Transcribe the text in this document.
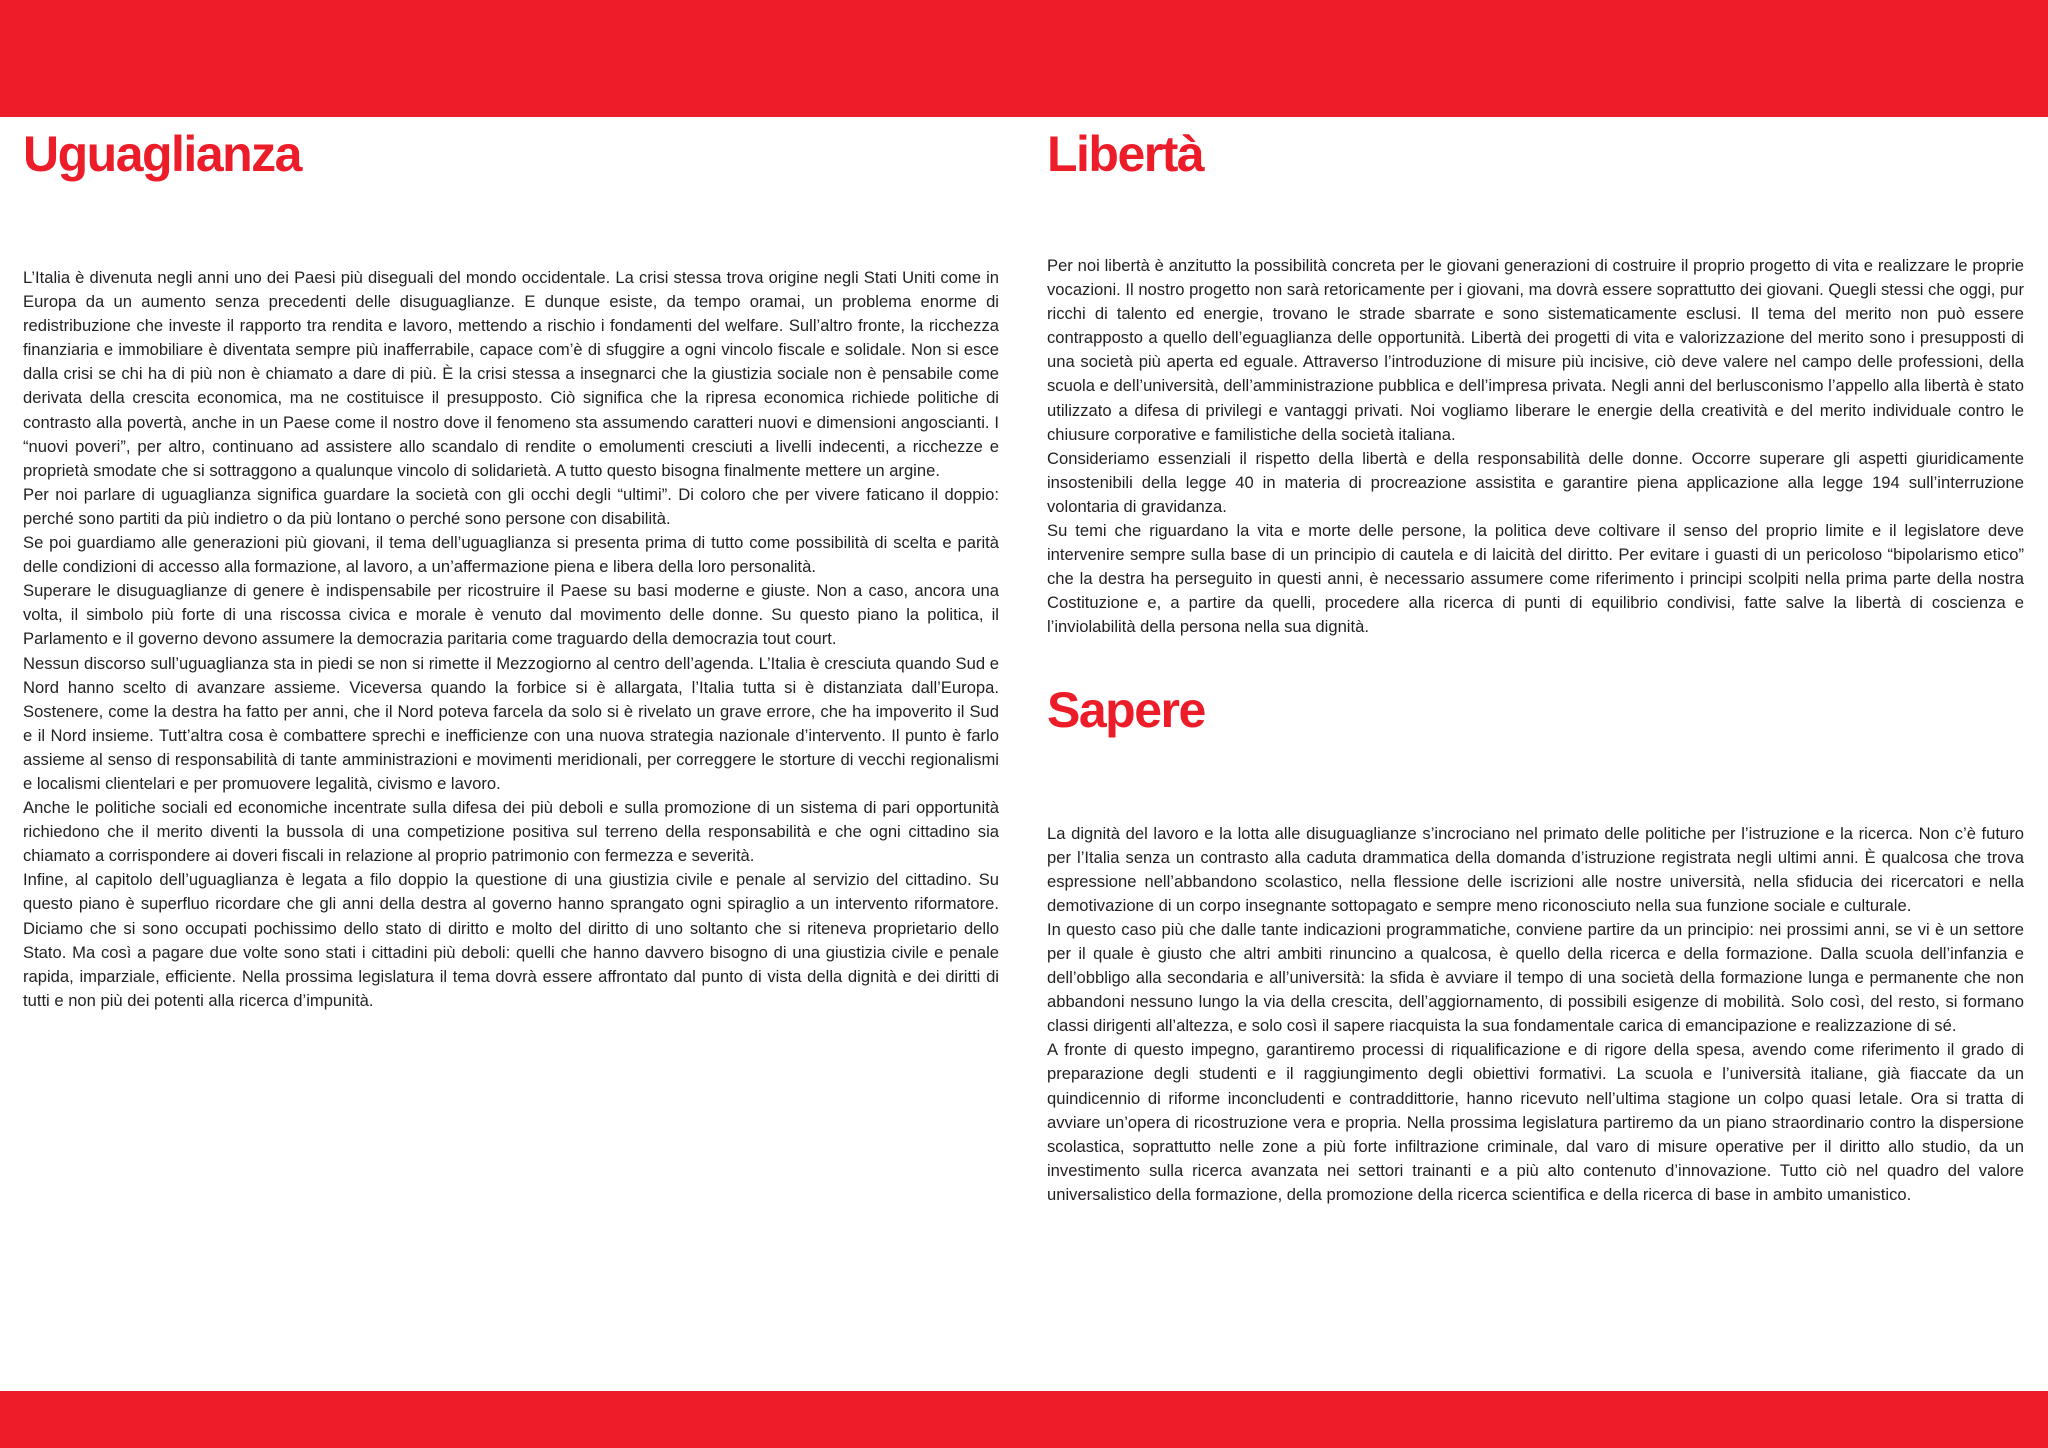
Uguaglianza

L’Italia è divenuta negli anni uno dei Paesi più diseguali del mondo occidentale. La crisi stessa trova origine negli Stati Uniti come in Europa da un aumento senza precedenti delle disuguaglianze. E dunque esiste, da tempo oramai, un problema enorme di redistribuzione che investe il rapporto tra rendita e lavoro, mettendo a rischio i fondamenti del welfare. Sull’altro fronte, la ricchezza finanziaria e immobiliare è diventata sempre più inafferrabile, capace com’è di sfuggire a ogni vincolo fiscale e solidale. Non si esce dalla crisi se chi ha di più non è chiamato a dare di più. È la crisi stessa a insegnarci che la giustizia sociale non è pensabile come derivata della crescita economica, ma ne costituisce il presupposto. Ciò significa che la ripresa economica richiede politiche di contrasto alla povertà, anche in un Paese come il nostro dove il fenomeno sta assumendo caratteri nuovi e dimensioni angoscianti. I “nuovi poveri”, per altro, continuano ad assistere allo scandalo di rendite o emolumenti cresciuti a livelli indecenti, a ricchezze e proprietà smodate che si sottraggono a qualunque vincolo di solidarietà. A tutto questo bisogna finalmente mettere un argine.

Per noi parlare di uguaglianza significa guardare la società con gli occhi degli “ultimi”. Di coloro che per vivere faticano il doppio: perché sono partiti da più indietro o da più lontano o perché sono persone con disabilità.

Se poi guardiamo alle generazioni più giovani, il tema dell’uguaglianza si presenta prima di tutto come possibilità di scelta e parità delle condizioni di accesso alla formazione, al lavoro, a un’affermazione piena e libera della loro personalità.

Superare le disuguaglianze di genere è indispensabile per ricostruire il Paese su basi moderne e giuste. Non a caso, ancora una volta, il simbolo più forte di una riscossa civica e morale è venuto dal movimento delle donne. Su questo piano la politica, il Parlamento e il governo devono assumere la democrazia paritaria come traguardo della democrazia tout court.

Nessun discorso sull’uguaglianza sta in piedi se non si rimette il Mezzogiorno al centro dell’agenda. L’Italia è cresciuta quando Sud e Nord hanno scelto di avanzare assieme. Viceversa quando la forbice si è allargata, l’Italia tutta si è distanziata dall’Europa. Sostenere, come la destra ha fatto per anni, che il Nord poteva farcela da solo si è rivelato un grave errore, che ha impoverito il Sud e il Nord insieme. Tutt’altra cosa è combattere sprechi e inefficienze con una nuova strategia nazionale d’intervento. Il punto è farlo assieme al senso di responsabilità di tante amministrazioni e movimenti meridionali, per correggere le storture di vecchi regionalismi e localismi clientelari e per promuovere legalità, civismo e lavoro.

Anche le politiche sociali ed economiche incentrate sulla difesa dei più deboli e sulla promozione di un sistema di pari opportunità richiedono che il merito diventi la bussola di una competizione positiva sul terreno della responsabilità e che ogni cittadino sia chiamato a corrispondere ai doveri fiscali in relazione al proprio patrimonio con fermezza e severità.

Infine, al capitolo dell’uguaglianza è legata a filo doppio la questione di una giustizia civile e penale al servizio del cittadino. Su questo piano è superfluo ricordare che gli anni della destra al governo hanno sprangato ogni spiraglio a un intervento riformatore. Diciamo che si sono occupati pochissimo dello stato di diritto e molto del diritto di uno soltanto che si riteneva proprietario dello Stato. Ma così a pagare due volte sono stati i cittadini più deboli: quelli che hanno davvero bisogno di una giustizia civile e penale rapida, imparziale, efficiente. Nella prossima legislatura il tema dovrà essere affrontato dal punto di vista della dignità e dei diritti di tutti e non più dei potenti alla ricerca d’impunità.

Libertà

Per noi libertà è anzitutto la possibilità concreta per le giovani generazioni di costruire il proprio progetto di vita e realizzare le proprie vocazioni. Il nostro progetto non sarà retoricamente per i giovani, ma dovrà essere soprattutto dei giovani. Quegli stessi che oggi, pur ricchi di talento ed energie, trovano le strade sbarrate e sono sistematicamente esclusi. Il tema del merito non può essere contrapposto a quello dell’eguaglianza delle opportunità. Libertà dei progetti di vita e valorizzazione del merito sono i presupposti di una società più aperta ed eguale. Attraverso l’introduzione di misure più incisive, ciò deve valere nel campo delle professioni, della scuola e dell’università, dell’amministrazione pubblica e dell’impresa privata. Negli anni del berlusconismo l’appello alla libertà è stato utilizzato a difesa di privilegi e vantaggi privati. Noi vogliamo liberare le energie della creatività e del merito individuale contro le chiusure corporative e familistiche della società italiana.

Consideriamo essenziali il rispetto della libertà e della responsabilità delle donne. Occorre superare gli aspetti giuridicamente insostenibili della legge 40 in materia di procreazione assistita e garantire piena applicazione alla legge 194 sull’interruzione volontaria di gravidanza.

Su temi che riguardano la vita e morte delle persone, la politica deve coltivare il senso del proprio limite e il legislatore deve intervenire sempre sulla base di un principio di cautela e di laicità del diritto. Per evitare i guasti di un pericoloso “bipolarismo etico” che la destra ha perseguito in questi anni, è necessario assumere come riferimento i principi scolpiti nella prima parte della nostra Costituzione e, a partire da quelli, procedere alla ricerca di punti di equilibrio condivisi, fatte salve la libertà di coscienza e l’inviolabilità della persona nella sua dignità.

Sapere

La dignità del lavoro e la lotta alle disuguaglianze s’incrociano nel primato delle politiche per l’istruzione e la ricerca. Non c’è futuro per l’Italia senza un contrasto alla caduta drammatica della domanda d’istruzione registrata negli ultimi anni. È qualcosa che trova espressione nell’abbandono scolastico, nella flessione delle iscrizioni alle nostre università, nella sfiducia dei ricercatori e nella demotivazione di un corpo insegnante sottopagato e sempre meno riconosciuto nella sua funzione sociale e culturale.

In questo caso più che dalle tante indicazioni programmatiche, conviene partire da un principio: nei prossimi anni, se vi è un settore per il quale è giusto che altri ambiti rinuncino a qualcosa, è quello della ricerca e della formazione. Dalla scuola dell’infanzia e dell’obbligo alla secondaria e all’università: la sfida è avviare il tempo di una società della formazione lunga e permanente che non abbandoni nessuno lungo la via della crescita, dell’aggiornamento, di possibili esigenze di mobilità. Solo così, del resto, si formano classi dirigenti all’altezza, e solo così il sapere riacquista la sua fondamentale carica di emancipazione e realizzazione di sé.

A fronte di questo impegno, garantiremo processi di riqualificazione e di rigore della spesa, avendo come riferimento il grado di preparazione degli studenti e il raggiungimento degli obiettivi formativi. La scuola e l’università italiane, già fiaccate da un quindicennio di riforme inconcludenti e contraddittorie, hanno ricevuto nell’ultima stagione un colpo quasi letale. Ora si tratta di avviare un’opera di ricostruzione vera e propria. Nella prossima legislatura partiremo da un piano straordinario contro la dispersione scolastica, soprattutto nelle zone a più forte infiltrazione criminale, dal varo di misure operative per il diritto allo studio, da un investimento sulla ricerca avanzata nei settori trainanti e a più alto contenuto d’innovazione. Tutto ciò nel quadro del valore universalistico della formazione, della promozione della ricerca scientifica e della ricerca di base in ambito umanistico.
